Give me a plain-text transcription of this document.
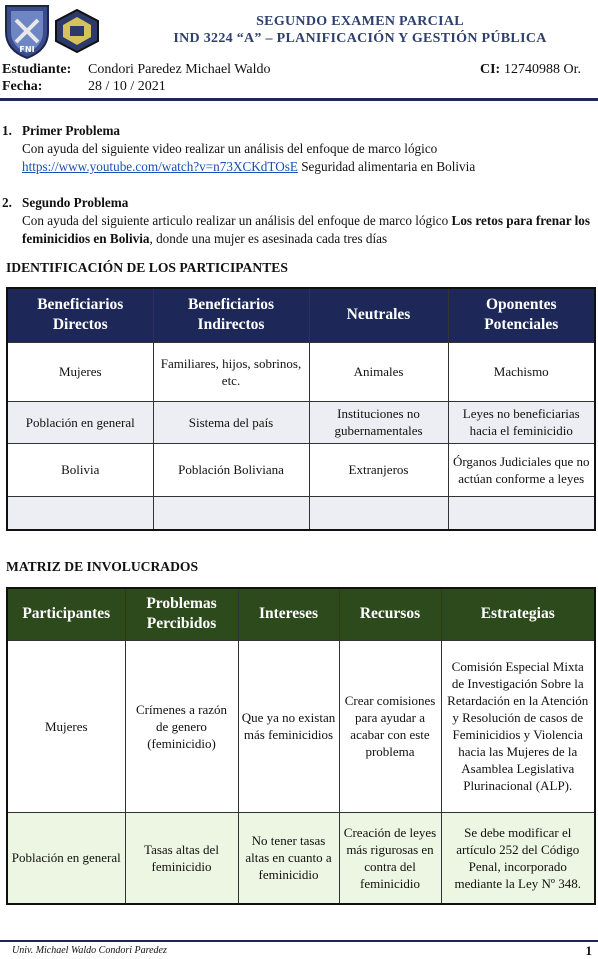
FNI
SEGUNDO EXAMEN PARCIAL
IND 3224 “A” – PLANIFICACIÓN Y GESTIÓN PÚBLICA
Estudiante: Condori Paredez Michael Waldo	CI: 12740988 Or.
Fecha:	28 / 10 / 2021
1. Primer Problema
Con ayuda del siguiente video realizar un análisis del enfoque de marco lógico
https://www.youtube.com/watch?v=n73XCKdTOsE Seguridad alimentaria en Bolivia
2. Segundo Problema
Con ayuda del siguiente articulo realizar un análisis del enfoque de marco lógico Los retos para frenar los feminicidios en Bolivia, donde una mujer es asesinada cada tres días
IDENTIFICACIÓN DE LOS PARTICIPANTES
Beneficiarios Directos	Beneficiarios Indirectos	Neutrales	Oponentes Potenciales
Mujeres	Familiares, hijos, sobrinos, etc.	Animales	Machismo
Población en general	Sistema del país	Instituciones no gubernamentales	Leyes no beneficiarias hacia el feminicidio
Bolivia	Población Boliviana	Extranjeros	Órganos Judiciales que no actúan conforme a leyes

MATRIZ DE INVOLUCRADOS
Participantes	Problemas Percibidos	Intereses	Recursos	Estrategias
Mujeres	Crímenes a razón de genero (feminicidio)	Que ya no existan más feminicidios	Crear comisiones para ayudar a acabar con este problema	Comisión Especial Mixta de Investigación Sobre la Retardación en la Atención y Resolución de casos de Feminicidios y Violencia hacia las Mujeres de la Asamblea Legislativa Plurinacional (ALP).
Población en general	Tasas altas del feminicidio	No tener tasas altas en cuanto a feminicidio	Creación de leyes más rigurosas en contra del feminicidio	Se debe modificar el artículo 252 del Código Penal, incorporado mediante la Ley Nº 348.
Univ. Michael Waldo Condori Paredez	1
